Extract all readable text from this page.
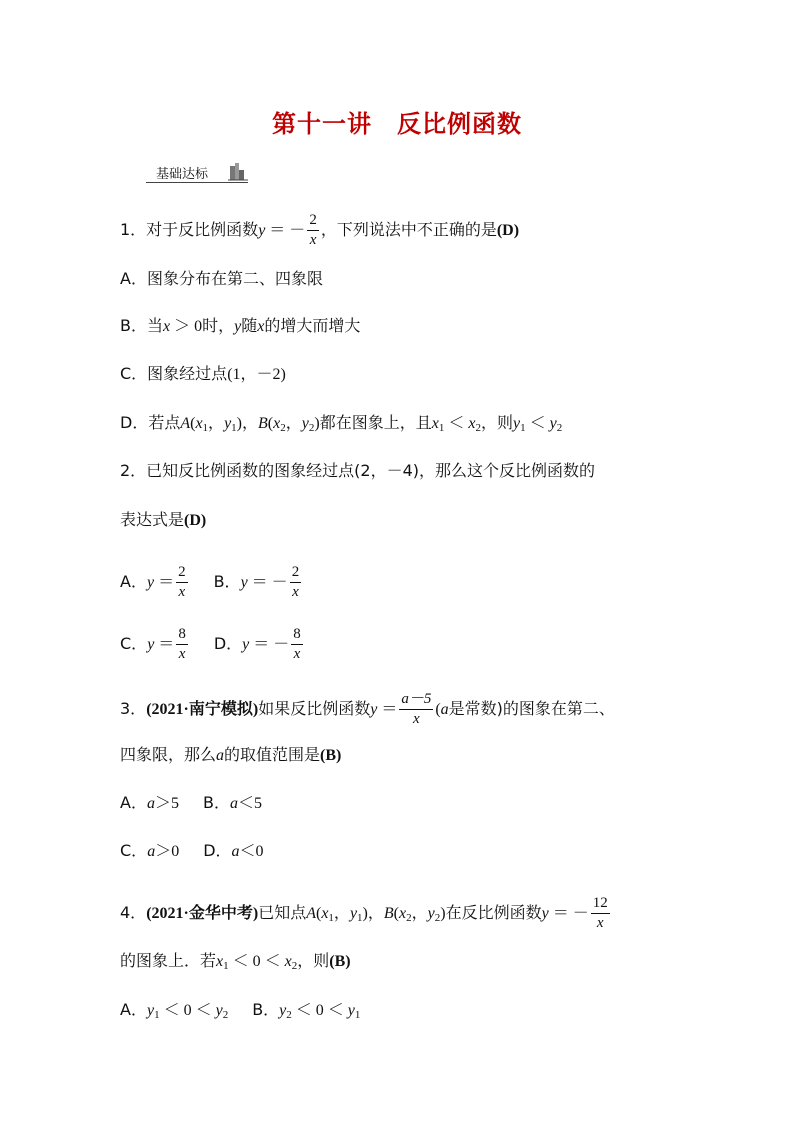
第十一讲　反比例函数
基础达标
1．对于反比例函数y ＝ － $\frac{2}{x}$ ，下列说法中不正确的是(D)
A．图象分布在第二、四象限
B．当x ＞ 0时，y随x的增大而增大
C．图象经过点(1，－2)
D．若点$A(x_1$，$y_1$)，$B(x_2$，$y_2$)都在图象上，且$x_1 < x_2$，则$y_1 < y_2$
2．已知反比例函数的图象经过点(2，－4)，那么这个反比例函数的
表达式是(D)
A．$y = \frac{2}{x}$ B．y ＝ － $\frac{2}{x}$
C．$y = \frac{8}{x}$ D．y ＝ － $\frac{8}{x}$
3．(2021·南宁模拟)如果反比例函数$y = \frac{a-5}{x} (a$是常数)的图象在第二、
四象限，那么a的取值范围是(B)
A．a＞5 B．a＜5
C．a＞0 D．a＜0
4．(2021·金华中考)已知点$A(x_1$，$y_1$)，$B(x_2$，$y_2$)在反比例函数y ＝ － $\frac{12}{x}$
的图象上．若$x_1 < 0 < x_2$，则(B)
A．$y_1 < 0 < y_2$ B．$y_2 < 0 < y_1$
